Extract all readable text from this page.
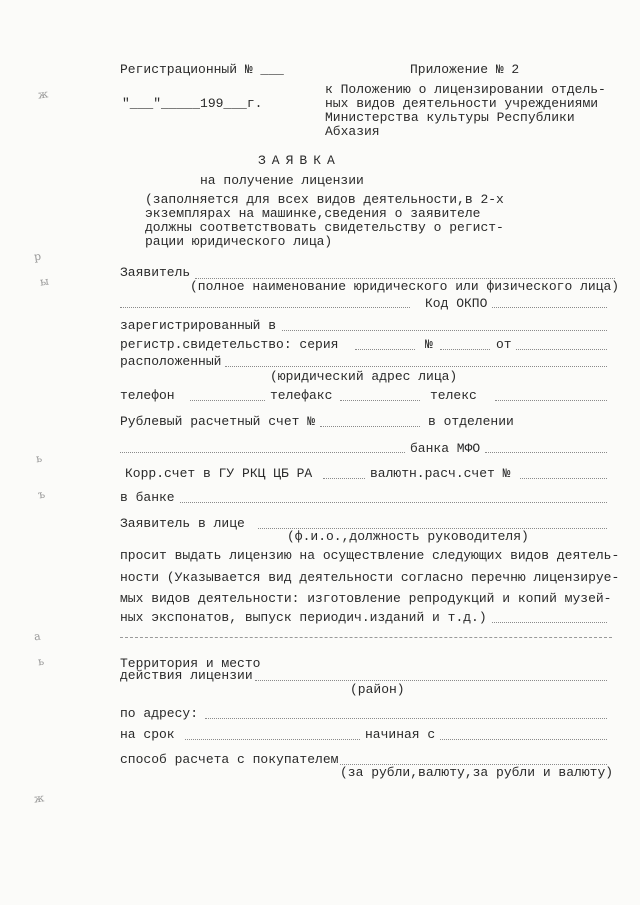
ж
р
ы
ь
ъ
а
ь
ж
Регистрационный № ___
"___"_____199___г.
Приложение № 2
к Положению о лицензировании отдель-
ных видов деятельности учреждениями
Министерства культуры Республики
Абхазия
ЗАЯВКА
на получение лицензии
(заполняется для всех видов деятельности,в 2-х
экземплярах на машинке,сведения о заявителе
должны соответствовать свидетельству о регист-
рации юридического лица)
Заявитель
(полное наименование юридического или физического лица)
Код ОКПО
зарегистрированный в
регистр.свидетельство: серия	№	от
расположенный
(юридический адрес лица)
телефон	телефакс	телекс
Рублевый расчетный счет №	в отделении
банка МФО
Корр.счет в ГУ РКЦ ЦБ РА	валютн.расч.счет №
в банке
Заявитель в лице
(ф.и.о.,должность руководителя)
просит выдать лицензию на осуществление следующих видов деятель-
ности (Указывается вид деятельности согласно перечню лицензируе-
мых видов деятельности: изготовление репродукций и копий музей-
ных экспонатов, выпуск периодич.изданий и т.д.)
Территория и место
действия лицензии
(район)
по адресу:
на срок	начиная с
способ расчета с покупателем
(за рубли,валюту,за рубли и валюту)
